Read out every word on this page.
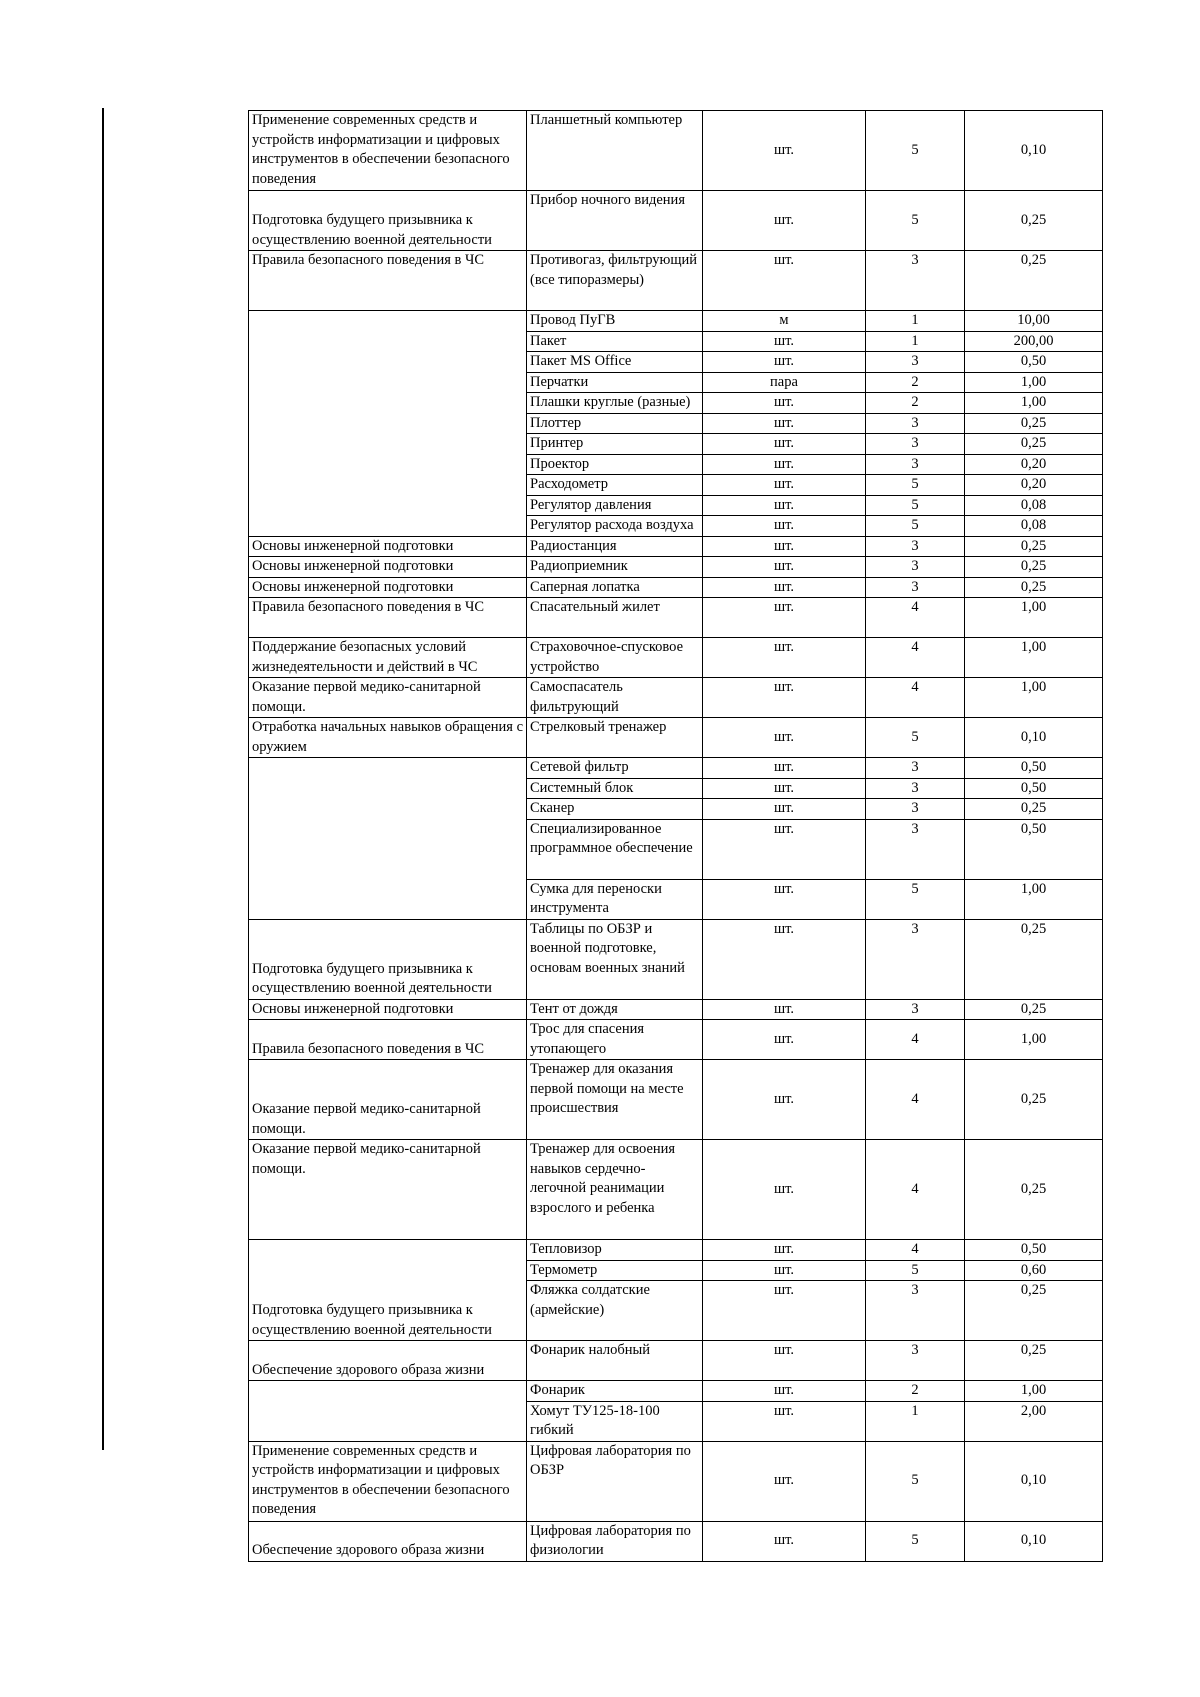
Применение современных средств и устройств информатизации и цифровых инструментов в обеспечении безопасного поведения	Планшетный компьютер	шт.	5	0,10
Подготовка будущего призывника к осуществлению военной деятельности	Прибор ночного видения	шт.	5	0,25
Правила безопасного поведения в ЧС	Противогаз, фильтрующий (все типоразмеры)	шт.	3	0,25
	Провод ПуГВ	м	1	10,00
	Пакет	шт.	1	200,00
	Пакет MS Office	шт.	3	0,50
	Перчатки	пара	2	1,00
	Плашки круглые (разные)	шт.	2	1,00
	Плоттер	шт.	3	0,25
	Принтер	шт.	3	0,25
	Проектор	шт.	3	0,20
	Расходометр	шт.	5	0,20
	Регулятор давления	шт.	5	0,08
	Регулятор расхода воздуха	шт.	5	0,08
Основы инженерной подготовки	Радиостанция	шт.	3	0,25
Основы инженерной подготовки	Радиоприемник	шт.	3	0,25
Основы инженерной подготовки	Саперная лопатка	шт.	3	0,25
Правила безопасного поведения в ЧС	Спасательный жилет	шт.	4	1,00
Поддержание безопасных условий жизнедеятельности и действий в ЧС	Страховочное-спусковое устройство	шт.	4	1,00
Оказание первой медико-санитарной помощи.	Самоспасатель фильтрующий	шт.	4	1,00
Отработка начальных навыков обращения с оружием	Стрелковый тренажер	шт.	5	0,10
	Сетевой фильтр	шт.	3	0,50
	Системный блок	шт.	3	0,50
	Сканер	шт.	3	0,25
	Специализированное программное обеспечение	шт.	3	0,50
	Сумка для переноски инструмента	шт.	5	1,00
Подготовка будущего призывника к осуществлению военной деятельности	Таблицы по ОБЗР и военной подготовке, основам военных знаний	шт.	3	0,25
Основы инженерной подготовки	Тент от дождя	шт.	3	0,25
Правила безопасного поведения в ЧС	Трос для спасения утопающего	шт.	4	1,00
Оказание первой медико-санитарной помощи.	Тренажер для оказания первой помощи на месте происшествия	шт.	4	0,25
Оказание первой медико-санитарной помощи.	Тренажер для освоения навыков сердечно-легочной реанимации взрослого и ребенка	шт.	4	0,25
Подготовка будущего призывника к осуществлению военной деятельности	Тепловизор	шт.	4	0,50
	Термометр	шт.	5	0,60
	Фляжка солдатские (армейские)	шт.	3	0,25
Обеспечение здорового образа жизни	Фонарик налобный	шт.	3	0,25
	Фонарик	шт.	2	1,00
	Хомут ТУ125-18-100 гибкий	шт.	1	2,00
Применение современных средств и устройств информатизации и цифровых инструментов в обеспечении безопасного поведения	Цифровая лаборатория по ОБЗР	шт.	5	0,10
Обеспечение здорового образа жизни	Цифровая лаборатория по физиологии	шт.	5	0,10
